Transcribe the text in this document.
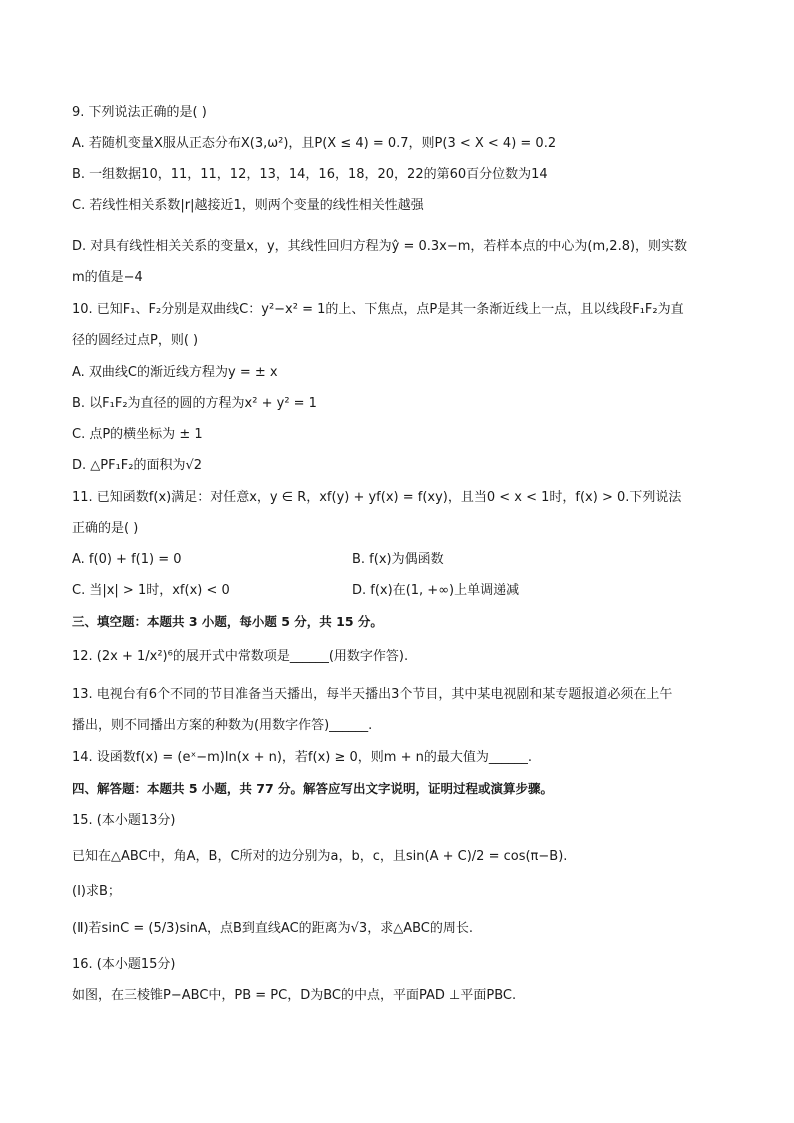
9. 下列说法正确的是( )
A. 若随机变量X服从正态分布X(3,ω²)，且P(X ≤ 4) = 0.7，则P(3 < X < 4) = 0.2
B. 一组数据10，11，11，12，13，14，16，18，20，22的第60百分位数为14
C. 若线性相关系数|r|越接近1，则两个变量的线性相关性越强
D. 对具有线性相关关系的变量x，y，其线性回归方程为ŷ = 0.3x−m，若样本点的中心为(m,2.8)，则实数
m的值是−4
10. 已知F₁、F₂分别是双曲线C：y²−x² = 1的上、下焦点，点P是其一条渐近线上一点，且以线段F₁F₂为直
径的圆经过点P，则( )
A. 双曲线C的渐近线方程为y = ± x
B. 以F₁F₂为直径的圆的方程为x² + y² = 1
C. 点P的横坐标为 ± 1
D. △PF₁F₂的面积为√2
11. 已知函数f(x)满足：对任意x，y ∈ R，xf(y) + yf(x) = f(xy)，且当0 < x < 1时，f(x) > 0.下列说法
正确的是( )
A. f(0) + f(1) = 0	B. f(x)为偶函数
C. 当|x| > 1时，xf(x) < 0	D. f(x)在(1, +∞)上单调递减
三、填空题：本题共 3 小题，每小题 5 分，共 15 分。
12. (2x + 1/x²)⁶的展开式中常数项是______(用数字作答).
13. 电视台有6个不同的节目准备当天播出，每半天播出3个节目，其中某电视剧和某专题报道必须在上午
播出，则不同播出方案的种数为(用数字作答)______.
14. 设函数f(x) = (eˣ−m)ln(x + n)，若f(x) ≥ 0，则m + n的最大值为______.
四、解答题：本题共 5 小题，共 77 分。解答应写出文字说明，证明过程或演算步骤。
15. (本小题13分)
已知在△ABC中，角A，B，C所对的边分别为a，b，c，且sin(A + C)/2 = cos(π−B).
(Ⅰ)求B；
(Ⅱ)若sinC = (5/3)sinA，点B到直线AC的距离为√3，求△ABC的周长.
16. (本小题15分)
如图，在三棱锥P−ABC中，PB = PC，D为BC的中点，平面PAD ⊥平面PBC.
